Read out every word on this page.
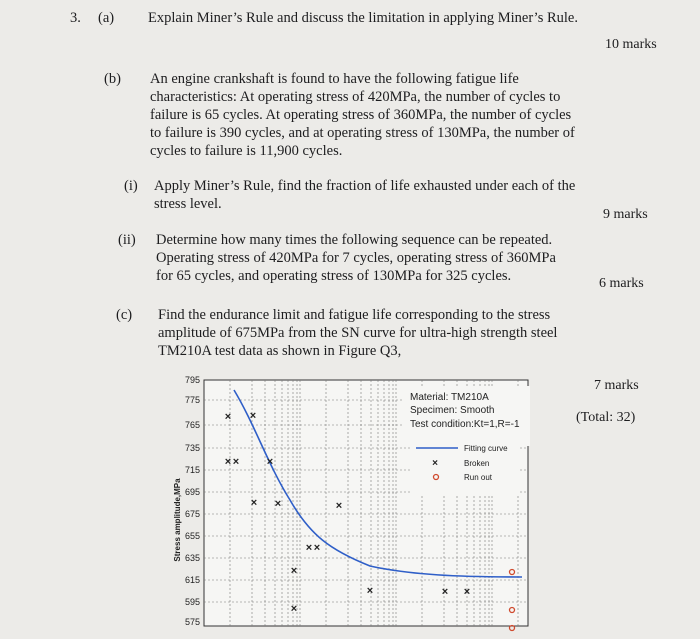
3. (a) Explain Miner’s Rule and discuss the limitation in applying Miner’s Rule.
10 marks
(b) An engine crankshaft is found to have the following fatigue life characteristics: At operating stress of 420MPa, the number of cycles to failure is 65 cycles. At operating stress of 360MPa, the number of cycles to failure is 390 cycles, and at operating stress of 130MPa, the number of cycles to failure is 11,900 cycles.
(i) Apply Miner’s Rule, find the fraction of life exhausted under each of the stress level.
9 marks
(ii) Determine how many times the following sequence can be repeated. Operating stress of 420MPa for 7 cycles, operating stress of 360MPa for 65 cycles, and operating stress of 130MPa for 325 cycles.	6 marks
(c) Find the endurance limit and fatigue life corresponding to the stress amplitude of 675MPa from the SN curve for ultra-high strength steel TM210A test data as shown in Figure Q3,
7 marks
(Total: 32)
795
775
765
735
715
695
675
655
635
615
595
575
Stress amplitude,MPa
× ×
× ×	×
× ×	×
× ×
×
×
×
× ×
Material: TM210A
Specimen: Smooth
Test condition:Kt=1,R=-1
Fitting curve
×	Broken
Run out
